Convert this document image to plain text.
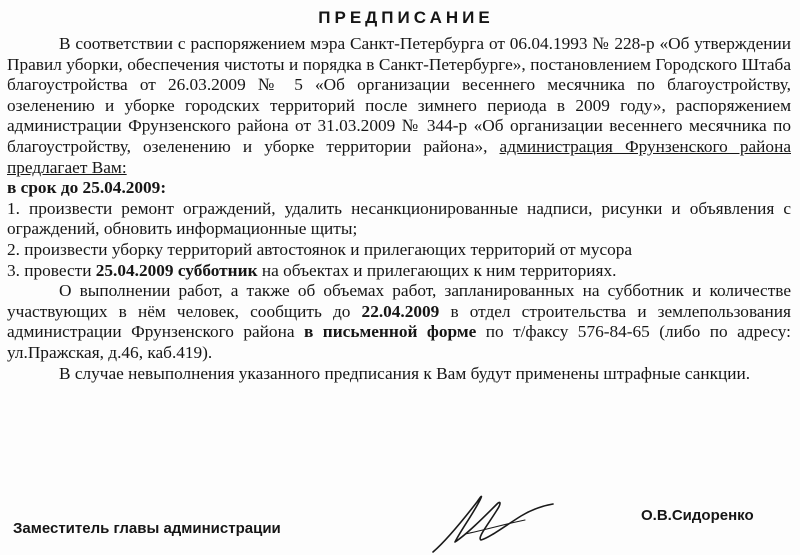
ПРЕДПИСАНИЕ

В соответствии с распоряжением мэра Санкт-Петербурга от 06.04.1993 № 228-р «Об утверждении Правил уборки, обеспечения чистоты и порядка в Санкт-Петербурге», постановлением Городского Штаба благоустройства от 26.03.2009 № 5 «Об организации весеннего месячника по благоустройству, озеленению и уборке городских территорий после зимнего периода в 2009 году», распоряжением администрации Фрунзенского района от 31.03.2009 № 344-р «Об организации весеннего месячника по благоустройству, озеленению и уборке территории района», администрация Фрунзенского района предлагает Вам:

в срок до 25.04.2009:

1. произвести ремонт ограждений, удалить несанкционированные надписи, рисунки и объявления с ограждений, обновить информационные щиты;

2. произвести уборку территорий автостоянок и прилегающих территорий от мусора

3. провести 25.04.2009 субботник на объектах и прилегающих к ним территориях.

О выполнении работ, а также об объемах работ, запланированных на субботник и количестве участвующих в нём человек, сообщить до 22.04.2009 в отдел строительства и землепользования администрации Фрунзенского района в письменной форме по т/факсу 576-84-65 (либо по адресу: ул.Пражская, д.46, каб.419).

В случае невыполнения указанного предписания к Вам будут применены штрафные санкции.

Заместитель главы администрации
О.В.Сидоренко
